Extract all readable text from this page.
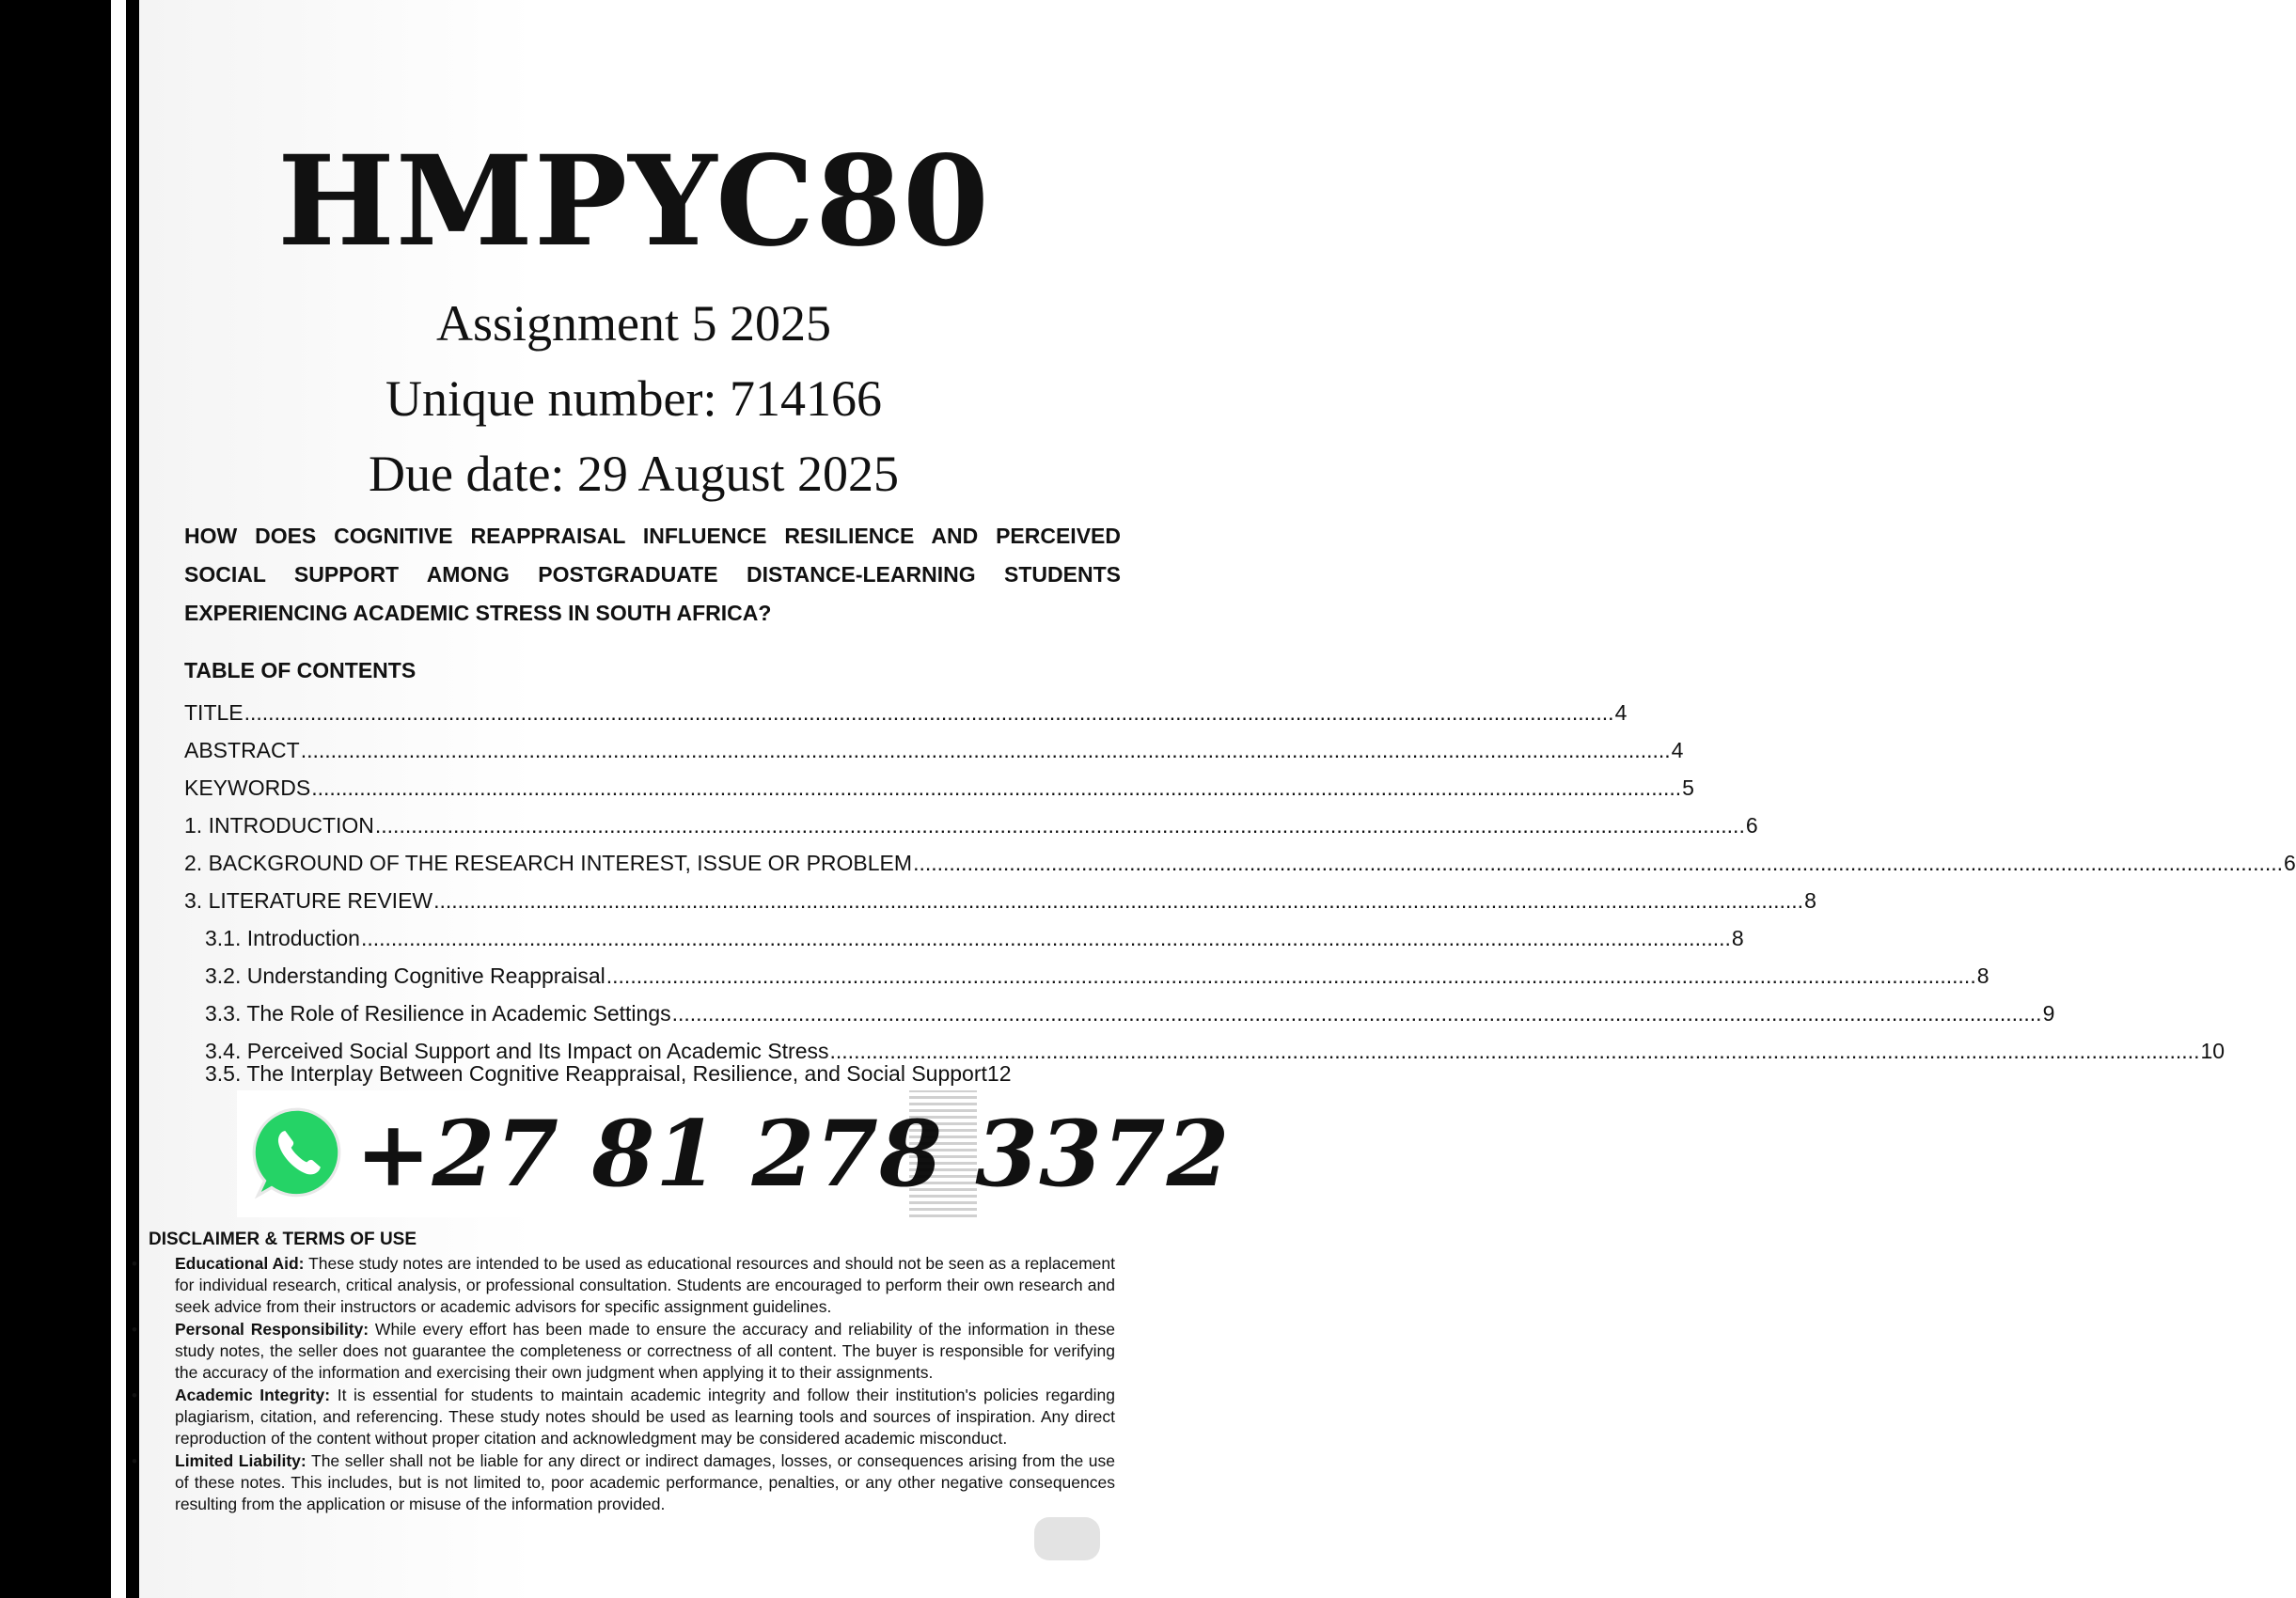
HMPYC80
Assignment 5 2025
Unique number: 714166
Due date: 29 August 2025
HOW DOES COGNITIVE REAPPRAISAL INFLUENCE RESILIENCE AND PERCEIVED SOCIAL SUPPORT AMONG POSTGRADUATE DISTANCE-LEARNING STUDENTS EXPERIENCING ACADEMIC STRESS IN SOUTH AFRICA?
TABLE OF CONTENTS
TITLE .....	4
ABSTRACT .....	4
KEYWORDS .....	5
1. INTRODUCTION .....	6
2. BACKGROUND OF THE RESEARCH INTEREST, ISSUE OR PROBLEM .....	6
3. LITERATURE REVIEW .....	8
3.1. Introduction .....	8
3.2. Understanding Cognitive Reappraisal .....	8
3.3. The Role of Resilience in Academic Settings .....	9
3.4. Perceived Social Support and Its Impact on Academic Stress .....	10
3.5. The Interplay Between Cognitive Reappraisal, Resilience, and Social Support 12
+27 81 278 3372
DISCLAIMER & TERMS OF USE
• Educational Aid: These study notes are intended to be used as educational resources and should not be seen as a replacement for individual research, critical analysis, or professional consultation. Students are encouraged to perform their own research and seek advice from their instructors or academic advisors for specific assignment guidelines.
• Personal Responsibility: While every effort has been made to ensure the accuracy and reliability of the information in these study notes, the seller does not guarantee the completeness or correctness of all content. The buyer is responsible for verifying the accuracy of the information and exercising their own judgment when applying it to their assignments.
• Academic Integrity: It is essential for students to maintain academic integrity and follow their institution's policies regarding plagiarism, citation, and referencing. These study notes should be used as learning tools and sources of inspiration. Any direct reproduction of the content without proper citation and acknowledgment may be considered academic misconduct.
• Limited Liability: The seller shall not be liable for any direct or indirect damages, losses, or consequences arising from the use of these notes. This includes, but is not limited to, poor academic performance, penalties, or any other negative consequences resulting from the application or misuse of the information provided.
